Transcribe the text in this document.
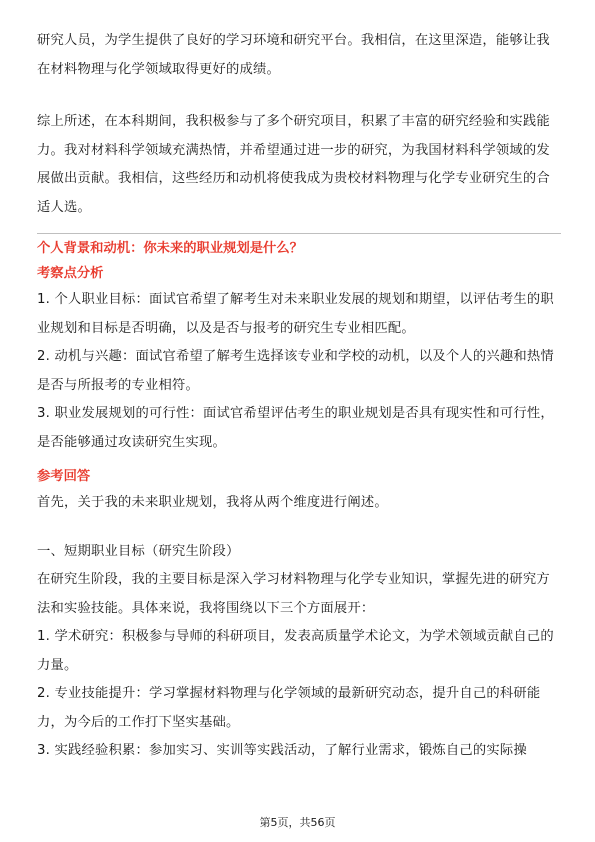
研究人员，为学生提供了良好的学习环境和研究平台。我相信，在这里深造，能够让我在材料物理与化学领域取得更好的成绩。

综上所述，在本科期间，我积极参与了多个研究项目，积累了丰富的研究经验和实践能力。我对材料科学领域充满热情，并希望通过进一步的研究，为我国材料科学领域的发展做出贡献。我相信，这些经历和动机将使我成为贵校材料物理与化学专业研究生的合适人选。

个人背景和动机：你未来的职业规划是什么？
考察点分析

1. 个人职业目标：面试官希望了解考生对未来职业发展的规划和期望，以评估考生的职业规划和目标是否明确，以及是否与报考的研究生专业相匹配。

2. 动机与兴趣：面试官希望了解考生选择该专业和学校的动机，以及个人的兴趣和热情是否与所报考的专业相符。

3. 职业发展规划的可行性：面试官希望评估考生的职业规划是否具有现实性和可行性，是否能够通过攻读研究生实现。

参考回答

首先，关于我的未来职业规划，我将从两个维度进行阐述。

一、短期职业目标（研究生阶段）

在研究生阶段，我的主要目标是深入学习材料物理与化学专业知识，掌握先进的研究方法和实验技能。具体来说，我将围绕以下三个方面展开：

1. 学术研究：积极参与导师的科研项目，发表高质量学术论文，为学术领域贡献自己的力量。

2. 专业技能提升：学习掌握材料物理与化学领域的最新研究动态，提升自己的科研能力，为今后的工作打下坚实基础。

3. 实践经验积累：参加实习、实训等实践活动，了解行业需求，锻炼自己的实际操

第5页，共56页
